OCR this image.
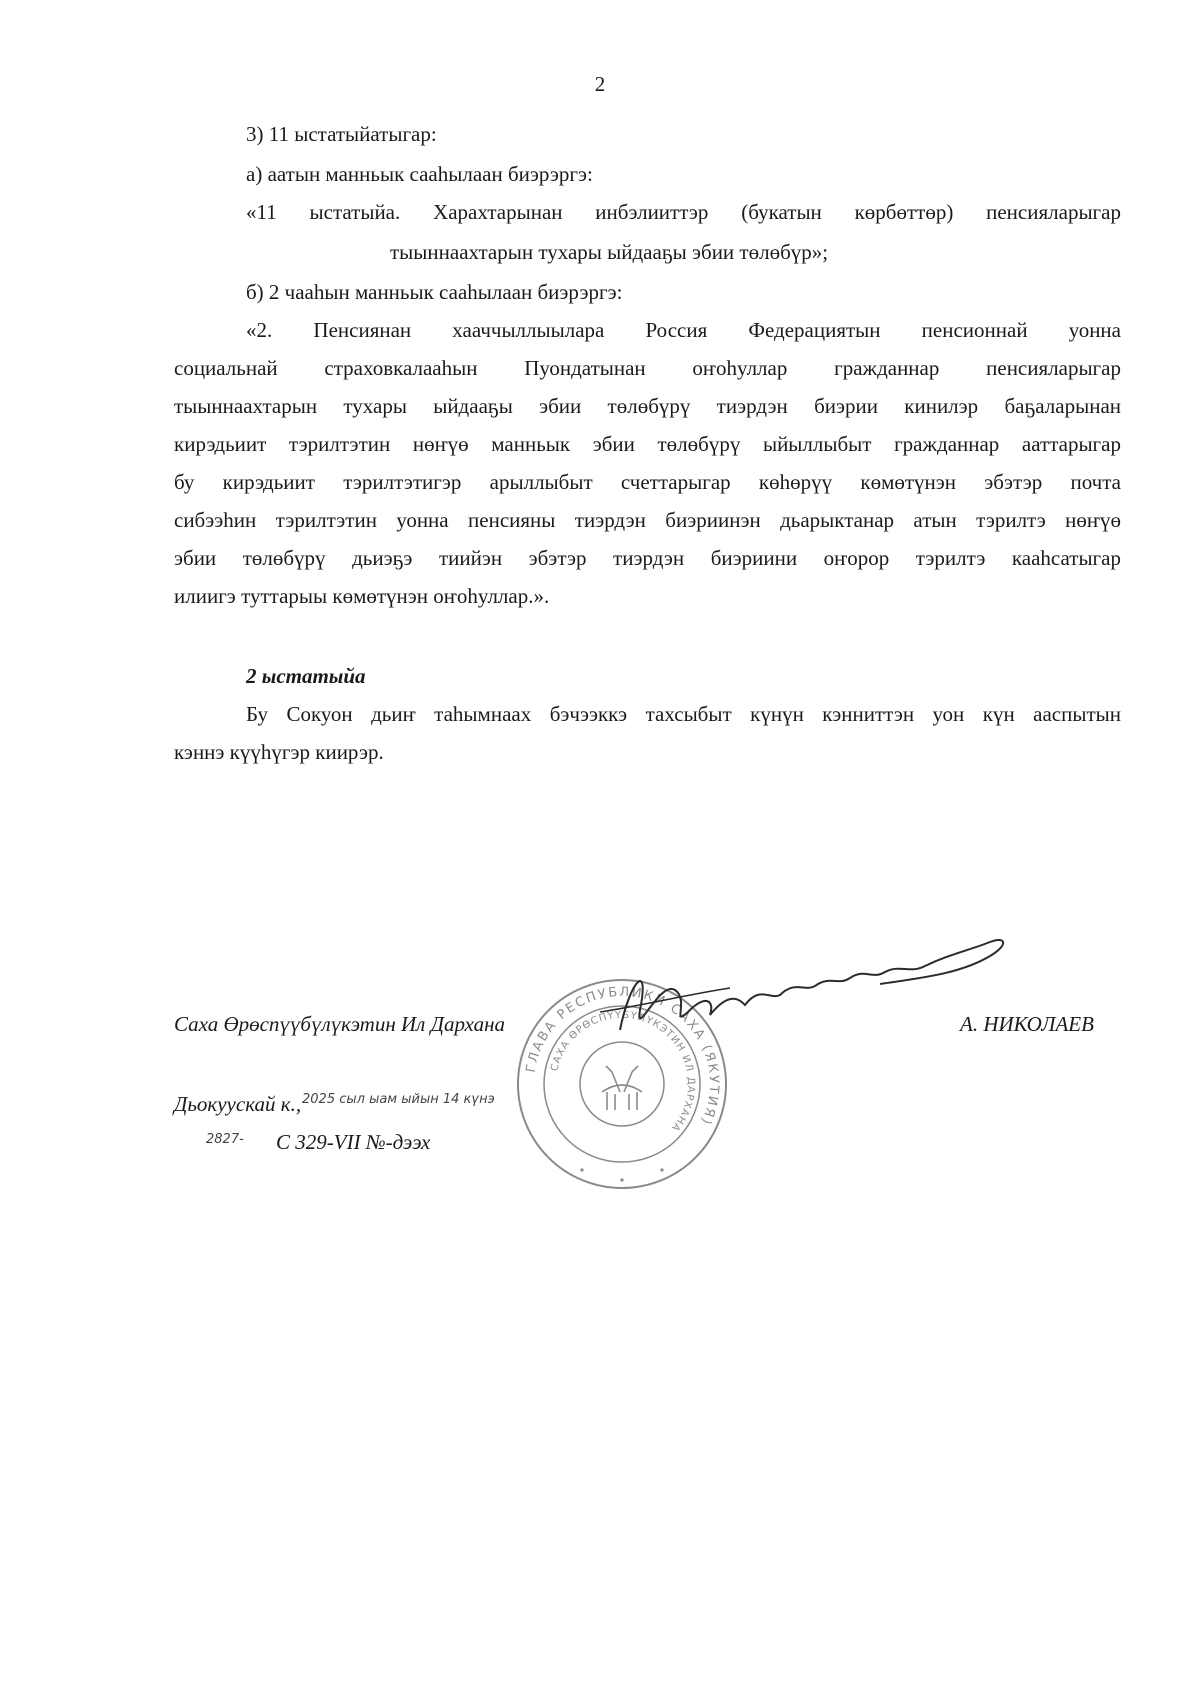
2
3) 11 ыстатыйатыгар:
а) аатын манньык сааһылаан биэрэргэ:
«11 ыстатыйа. Харахтарынан инбэлииттэр (букатын көрбөттөр) пенсияларыгар
тыыннаахтарын тухары ыйдааҕы эбии төлөбүр»;
б) 2 чааһын манньык сааһылаан биэрэргэ:
«2. Пенсиянан хааччыллыылара Россия Федерациятын пенсионнай уонна
социальнай страховкалааһын Пуондатынан оҥоһуллар гражданнар пенсияларыгар
тыыннаахтарын тухары ыйдааҕы эбии төлөбүрү тиэрдэн биэрии кинилэр баҕаларынан
кирэдьиит тэрилтэтин нөҥүө манньык эбии төлөбүрү ыйыллыбыт гражданнар ааттарыгар
бу кирэдьиит тэрилтэтигэр арыллыбыт счеттарыгар көһөрүү көмөтүнэн эбэтэр почта
сибээһин тэрилтэтин уонна пенсияны тиэрдэн биэриинэн дьарыктанар атын тэрилтэ нөҥүө
эбии төлөбүрү дьиэҕэ тиийэн эбэтэр тиэрдэн биэриини оҥорор тэрилтэ кааһсатыгар
илиигэ туттарыы көмөтүнэн оҥоһуллар.».
2 ыстатыйа
Бу Сокуон дьиҥ таһымнаах бэчээккэ тахсыбыт күнүн кэнниттэн уон күн ааспытын
кэннэ күүһүгэр киирэр.
Саха Өрөспүүбүлүкэтин Ил Дархана	А. НИКОЛАЕВ
Дьокуускай к., 2025 сыл ыам ыйын 14 күнэ
2827- С 329-VII №-дээх
ГЛАВА РЕСПУБЛИКИ САХА (ЯКУТИЯ)
САХА ӨРӨСПҮҮБҮЛҮКЭТИН ИЛ ДАРХАНА
